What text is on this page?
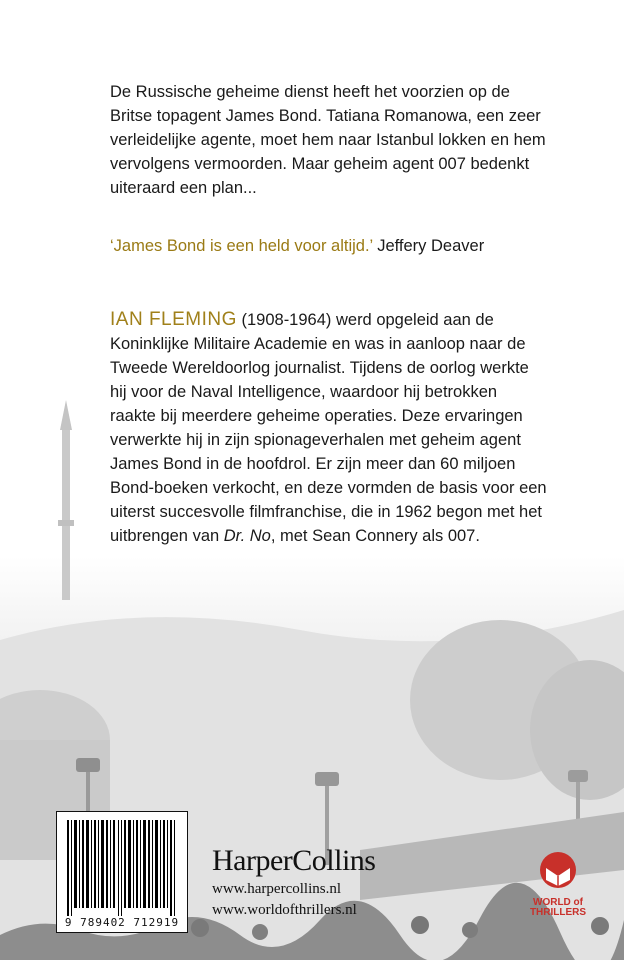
De Russische geheime dienst heeft het voorzien op de
Britse topagent James Bond. Tatiana Romanowa, een zeer
verleidelijke agente, moet hem naar Istanbul lokken en hem
vervolgens vermoorden. Maar geheim agent 007 bedenkt
uiteraard een plan...
‘James Bond is een held voor altijd.’ Jeffery Deaver
IAN FLEMING (1908-1964) werd opgeleid aan de
Koninklijke Militaire Academie en was in aanloop naar de
Tweede Wereldoorlog journalist. Tijdens de oorlog werkte
hij voor de Naval Intelligence, waardoor hij betrokken
raakte bij meerdere geheime operaties. Deze ervaringen
verwerkte hij in zijn spionageverhalen met geheim agent
James Bond in de hoofdrol. Er zijn meer dan 60 miljoen
Bond-boeken verkocht, en deze vormden de basis voor een
uiterst succesvolle filmfranchise, die in 1962 begon met het
uitbrengen van Dr. No, met Sean Connery als 007.
9 789402 712919
HarperCollins
www.harpercollins.nl
www.worldofthrillers.nl	WORLD of
THRILLERS
